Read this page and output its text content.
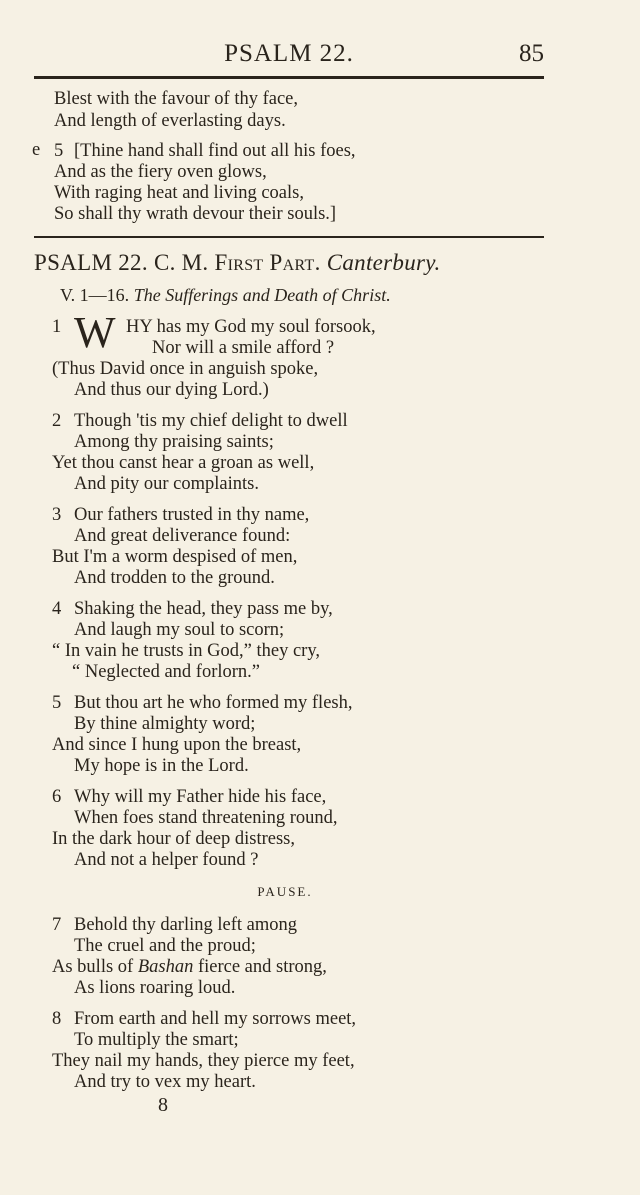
PSALM 22.	85
Blest with the favour of thy face,
And length of everlasting days.
e 5 [Thine hand shall find out all his foes,
And as the fiery oven glows,
With raging heat and living coals,
So shall thy wrath devour their souls.]
PSALM 22. C. M. First Part. Canterbury.
V. 1—16. The Sufferings and Death of Christ.
1 W HY has my God my soul forsook,
Nor will a smile afford ?
(Thus David once in anguish spoke,
And thus our dying Lord.)
2 Though 'tis my chief delight to dwell
Among thy praising saints;
Yet thou canst hear a groan as well,
And pity our complaints.
3 Our fathers trusted in thy name,
And great deliverance found:
But I'm a worm despised of men,
And trodden to the ground.
4 Shaking the head, they pass me by,
And laugh my soul to scorn;
“ In vain he trusts in God,” they cry,
“ Neglected and forlorn.”
5 But thou art he who formed my flesh,
By thine almighty word;
And since I hung upon the breast,
My hope is in the Lord.
6 Why will my Father hide his face,
When foes stand threatening round,
In the dark hour of deep distress,
And not a helper found ?
PAUSE.
7 Behold thy darling left among
The cruel and the proud;
As bulls of Bashan fierce and strong,
As lions roaring loud.
8 From earth and hell my sorrows meet,
To multiply the smart;
They nail my hands, they pierce my feet,
And try to vex my heart.
8
